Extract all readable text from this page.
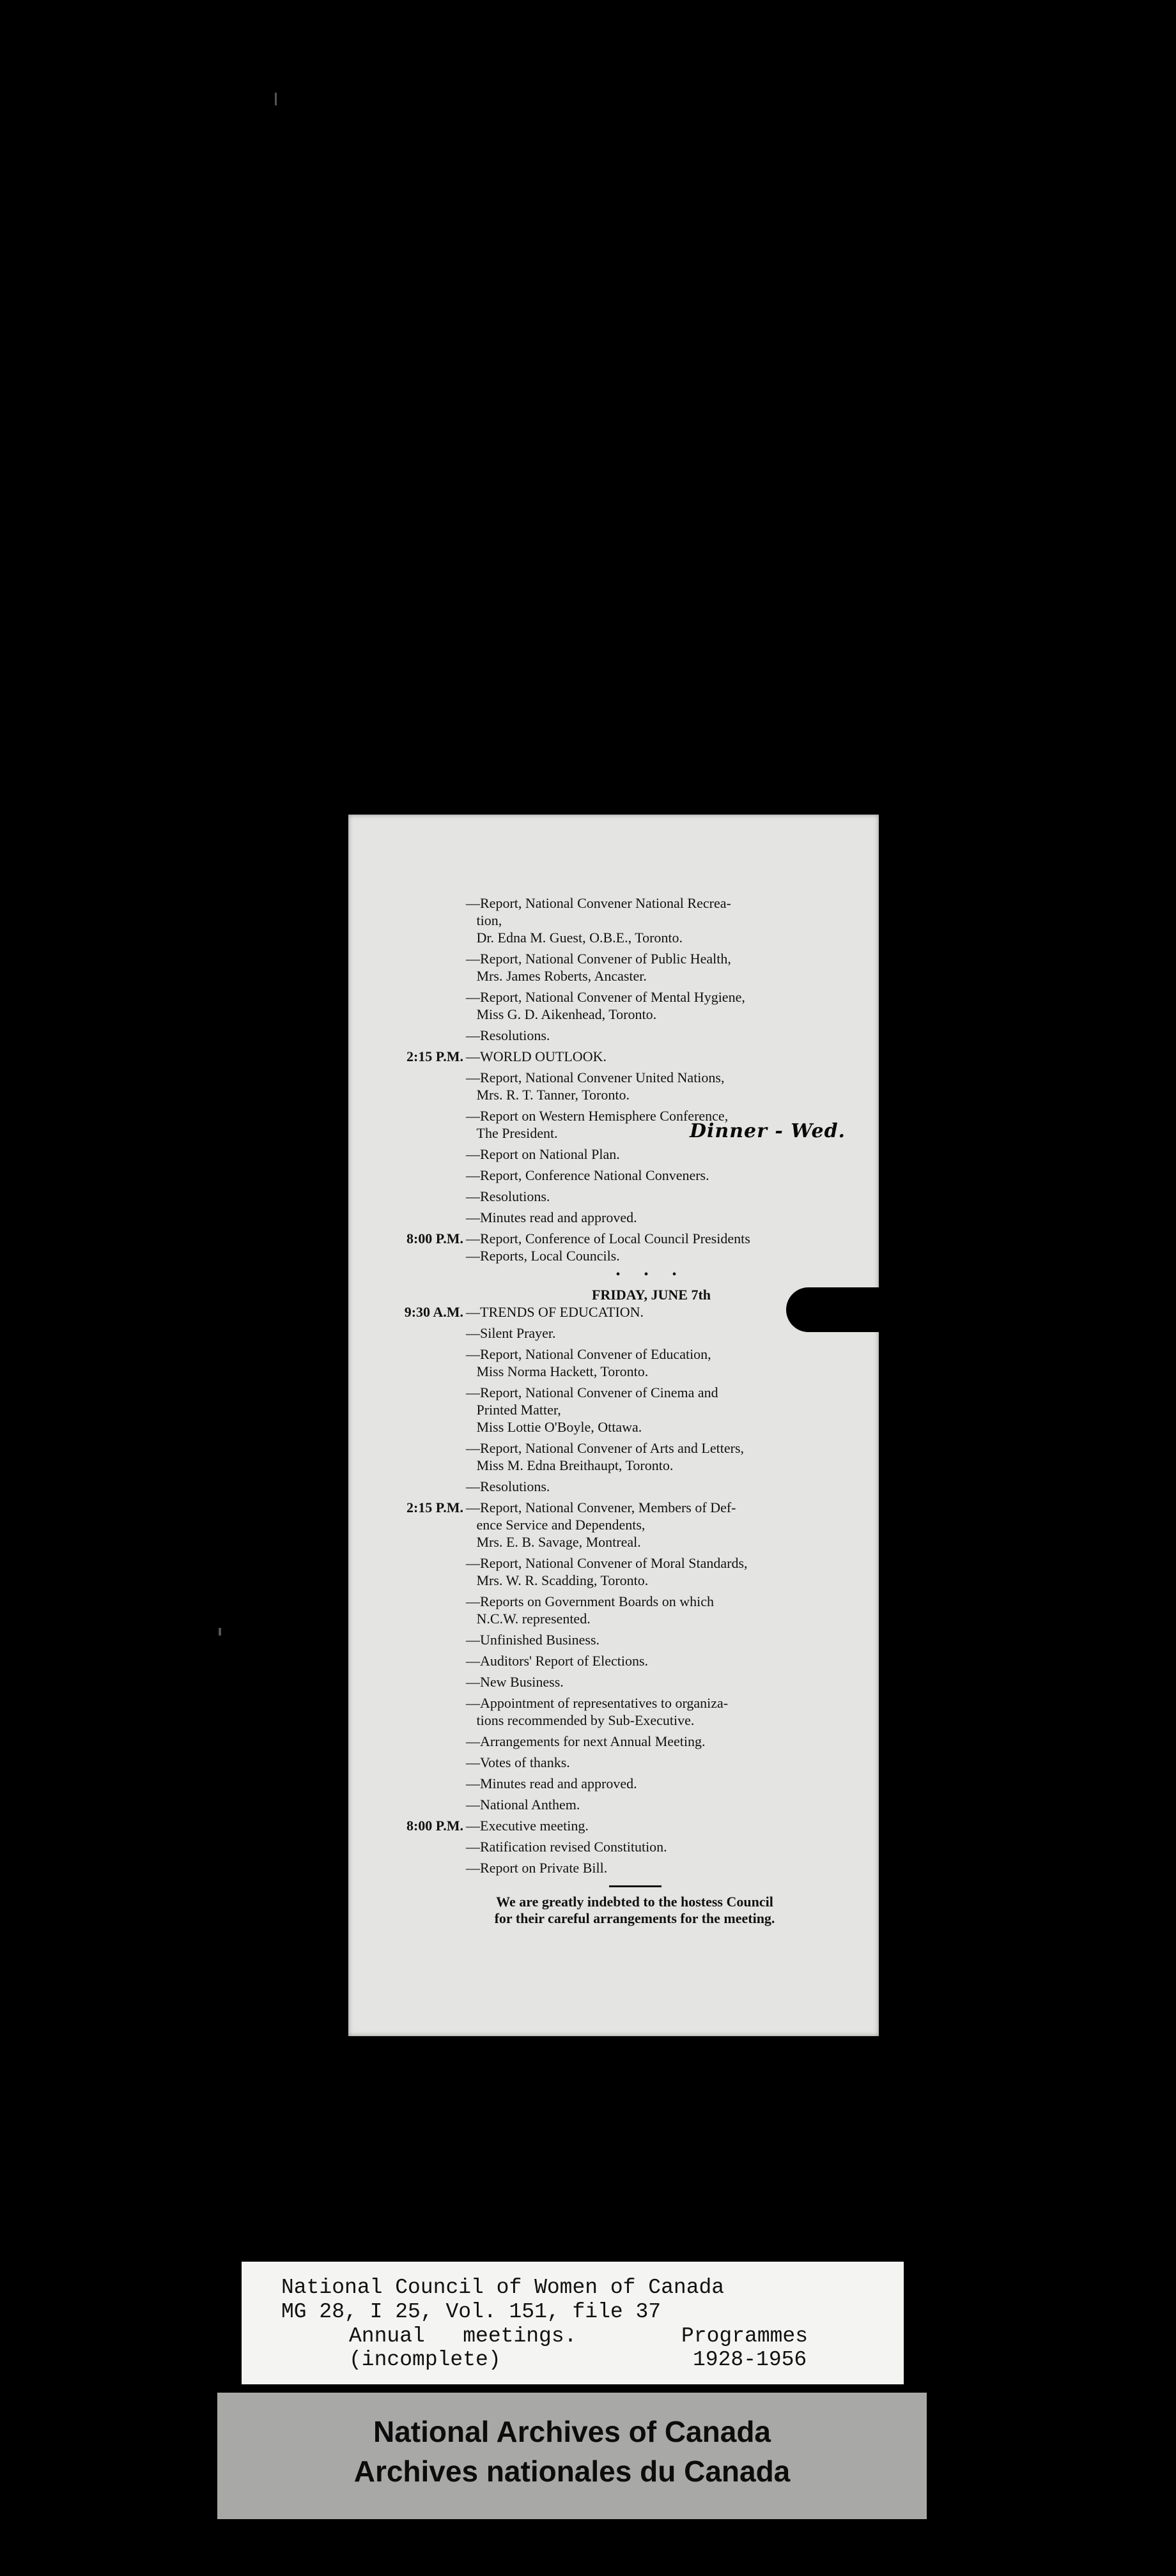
—Report, National Convener National Recrea-
tion,
Dr. Edna M. Guest, O.B.E., Toronto.
—Report, National Convener of Public Health,
Mrs. James Roberts, Ancaster.
—Report, National Convener of Mental Hygiene,
Miss G. D. Aikenhead, Toronto.
—Resolutions.
2:15 P.M. —WORLD OUTLOOK.
—Report, National Convener United Nations,
Mrs. R. T. Tanner, Toronto.
—Report on Western Hemisphere Conference,
The President.	Dinner - Wed.
—Report on National Plan.
—Report, Conference National Conveners.
—Resolutions.
—Minutes read and approved.
8:00 P.M. —Report, Conference of Local Council Presidents
—Reports, Local Councils.
• • •
FRIDAY, JUNE 7th
9:30 A.M. —TRENDS OF EDUCATION.
—Silent Prayer.
—Report, National Convener of Education,
Miss Norma Hackett, Toronto.
—Report, National Convener of Cinema and
Printed Matter,
Miss Lottie O'Boyle, Ottawa.
—Report, National Convener of Arts and Letters,
Miss M. Edna Breithaupt, Toronto.
—Resolutions.
2:15 P.M. —Report, National Convener, Members of Def-
ence Service and Dependents,
Mrs. E. B. Savage, Montreal.
—Report, National Convener of Moral Standards,
Mrs. W. R. Scadding, Toronto.
—Reports on Government Boards on which
N.C.W. represented.
—Unfinished Business.
—Auditors' Report of Elections.
—New Business.
—Appointment of representatives to organiza-
tions recommended by Sub-Executive.
—Arrangements for next Annual Meeting.
—Votes of thanks.
—Minutes read and approved.
—National Anthem.
8:00 P.M. —Executive meeting.
—Ratification revised Constitution.
—Report on Private Bill.
We are greatly indebted to the hostess Council
for their careful arrangements for the meeting.
National Council of Women of Canada
MG 28, I 25, Vol. 151, file 37
Annual   meetings.	Programmes
(incomplete)	1928-1956
National Archives of Canada
Archives nationales du Canada
